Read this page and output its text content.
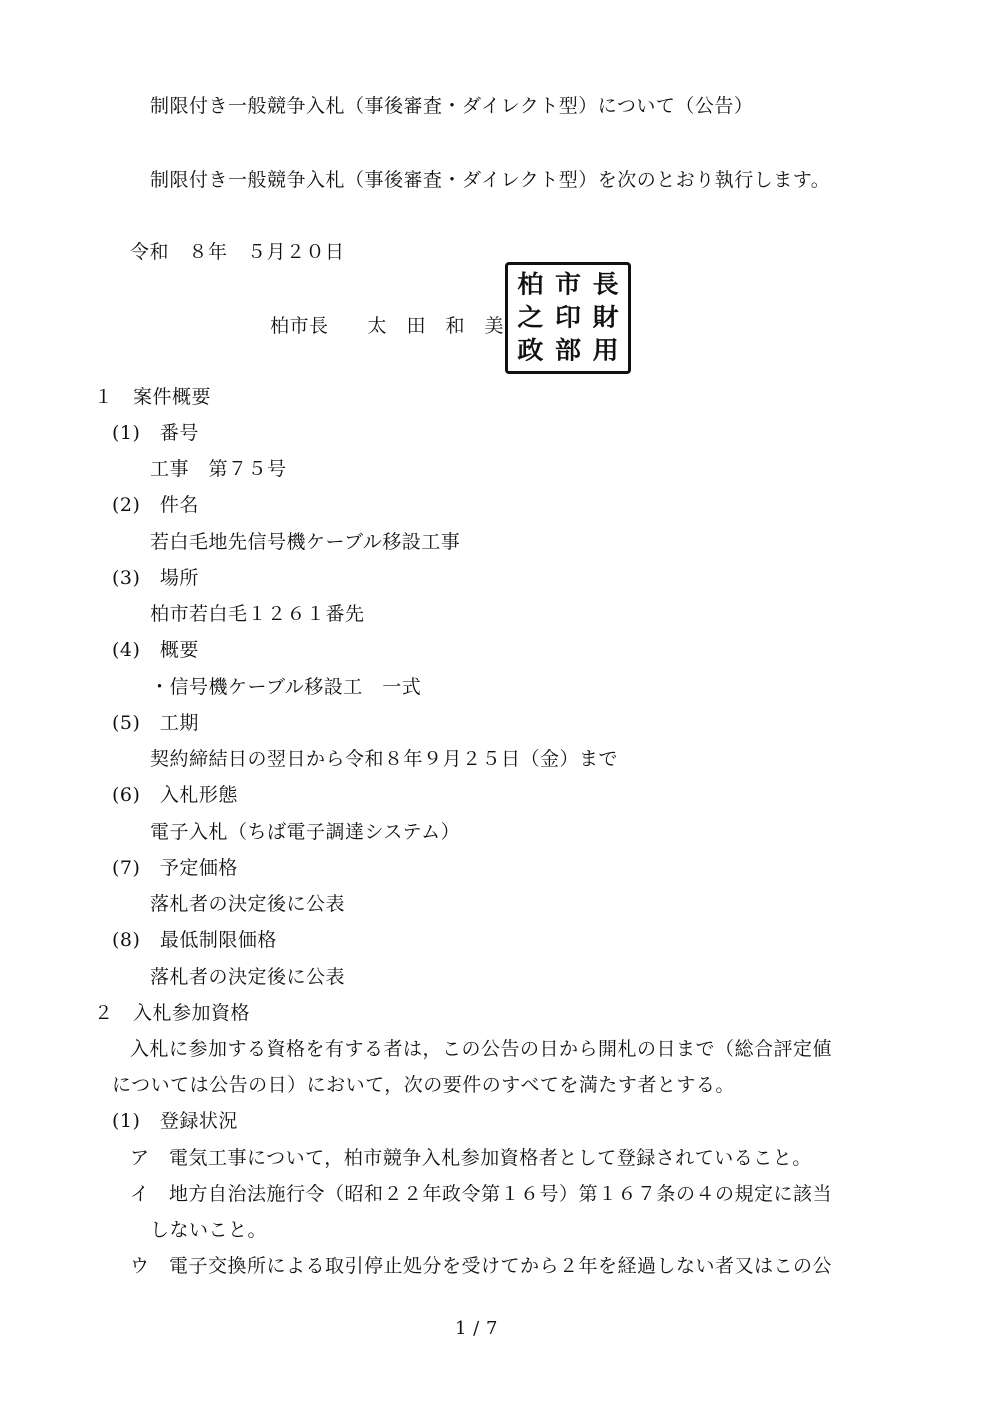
制限付き一般競争入札（事後審査・ダイレクト型）について（公告）
制限付き一般競争入札（事後審査・ダイレクト型）を次のとおり執行します。
令和　８年　５月２０日
柏市長　　太　田　和　美
柏 市 長
之 印 財
政 部 用
１　案件概要
(1)　番号
工事　第７５号
(2)　件名
若白毛地先信号機ケーブル移設工事
(3)　場所
柏市若白毛１２６１番先
(4)　概要
・信号機ケーブル移設工　一式
(5)　工期
契約締結日の翌日から令和８年９月２５日（金）まで
(6)　入札形態
電子入札（ちば電子調達システム）
(7)　予定価格
落札者の決定後に公表
(8)　最低制限価格
落札者の決定後に公表
２　入札参加資格
入札に参加する資格を有する者は，この公告の日から開札の日まで（総合評定値
については公告の日）において，次の要件のすべてを満たす者とする。
(1)　登録状況
ア　電気工事について，柏市競争入札参加資格者として登録されていること。
イ　地方自治法施行令（昭和２２年政令第１６号）第１６７条の４の規定に該当
しないこと。
ウ　電子交換所による取引停止処分を受けてから２年を経過しない者又はこの公
1 / 7
